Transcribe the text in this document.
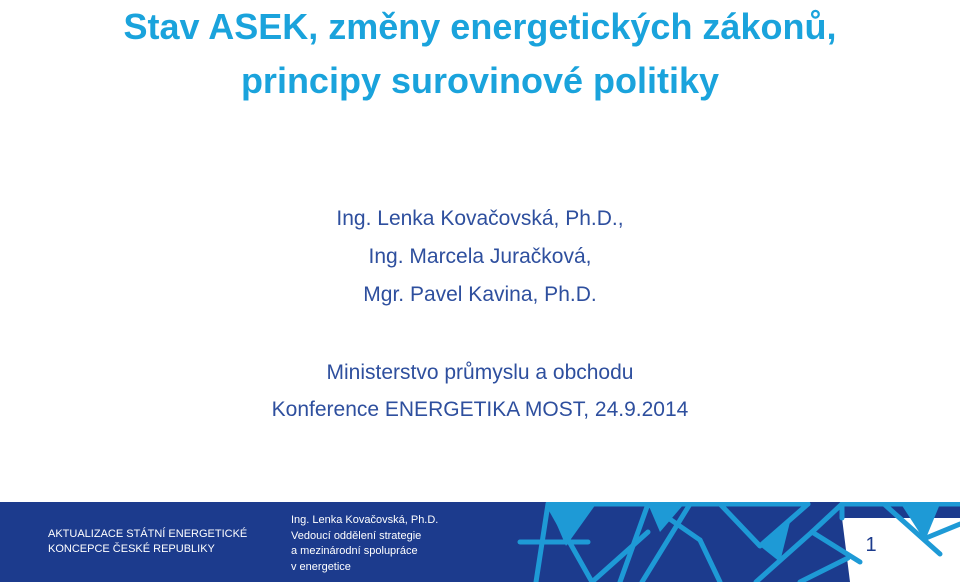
Stav ASEK, změny energetických zákonů,
principy surovinové politiky
Ing. Lenka Kovačovská, Ph.D.,
Ing. Marcela Juračková,
Mgr. Pavel Kavina, Ph.D.
Ministerstvo průmyslu a obchodu
Konference ENERGETIKA MOST, 24.9.2014
AKTUALIZACE STÁTNÍ ENERGETICKÉ
KONCEPCE ČESKÉ REPUBLIKY
Ing. Lenka Kovačovská, Ph.D.
Vedoucí oddělení strategie
a mezinárodní spolupráce
v energetice
1
